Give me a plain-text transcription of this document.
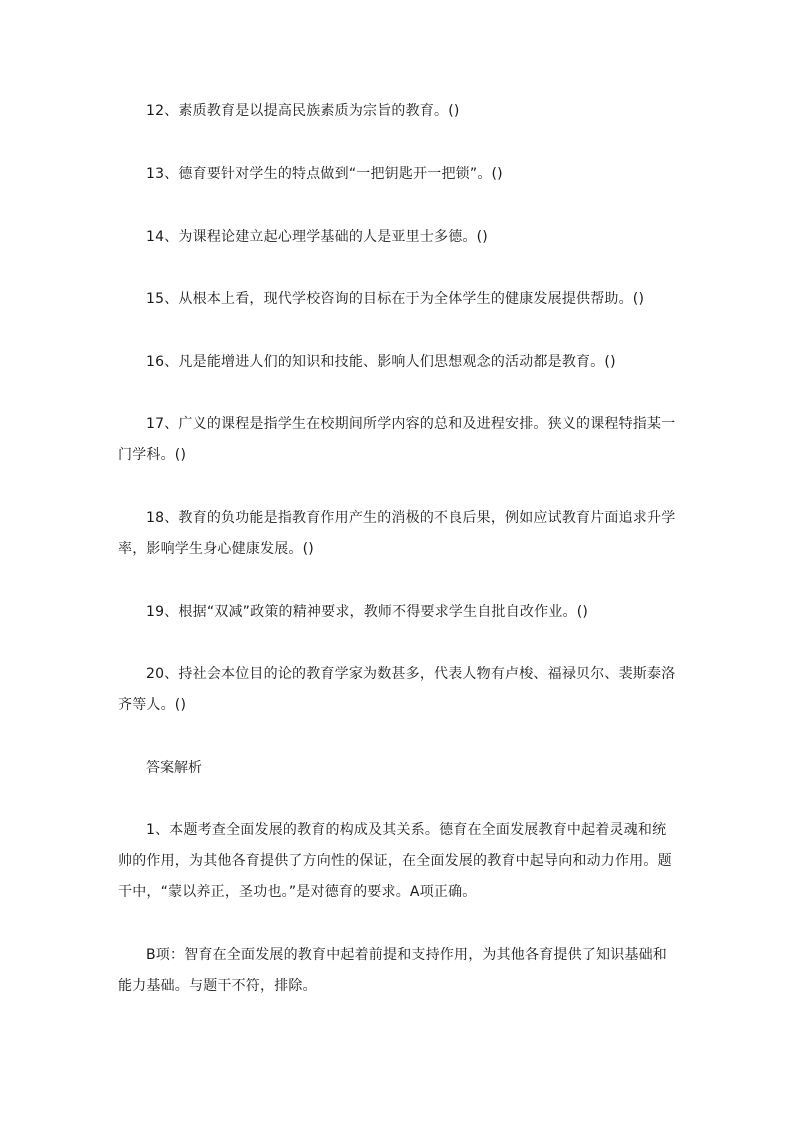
12、素质教育是以提高民族素质为宗旨的教育。()

13、德育要针对学生的特点做到“一把钥匙开一把锁”。()

14、为课程论建立起心理学基础的人是亚里士多德。()

15、从根本上看，现代学校咨询的目标在于为全体学生的健康发展提供帮助。()

16、凡是能增进人们的知识和技能、影响人们思想观念的活动都是教育。()

17、广义的课程是指学生在校期间所学内容的总和及进程安排。狭义的课程特指某一门学科。()

18、教育的负功能是指教育作用产生的消极的不良后果，例如应试教育片面追求升学率，影响学生身心健康发展。()

19、根据“双减”政策的精神要求，教师不得要求学生自批自改作业。()

20、持社会本位目的论的教育学家为数甚多，代表人物有卢梭、福禄贝尔、裴斯泰洛齐等人。()

答案解析

1、本题考查全面发展的教育的构成及其关系。德育在全面发展教育中起着灵魂和统帅的作用，为其他各育提供了方向性的保证，在全面发展的教育中起导向和动力作用。题干中，“蒙以养正，圣功也。”是对德育的要求。A项正确。

B项：智育在全面发展的教育中起着前提和支持作用，为其他各育提供了知识基础和能力基础。与题干不符，排除。
